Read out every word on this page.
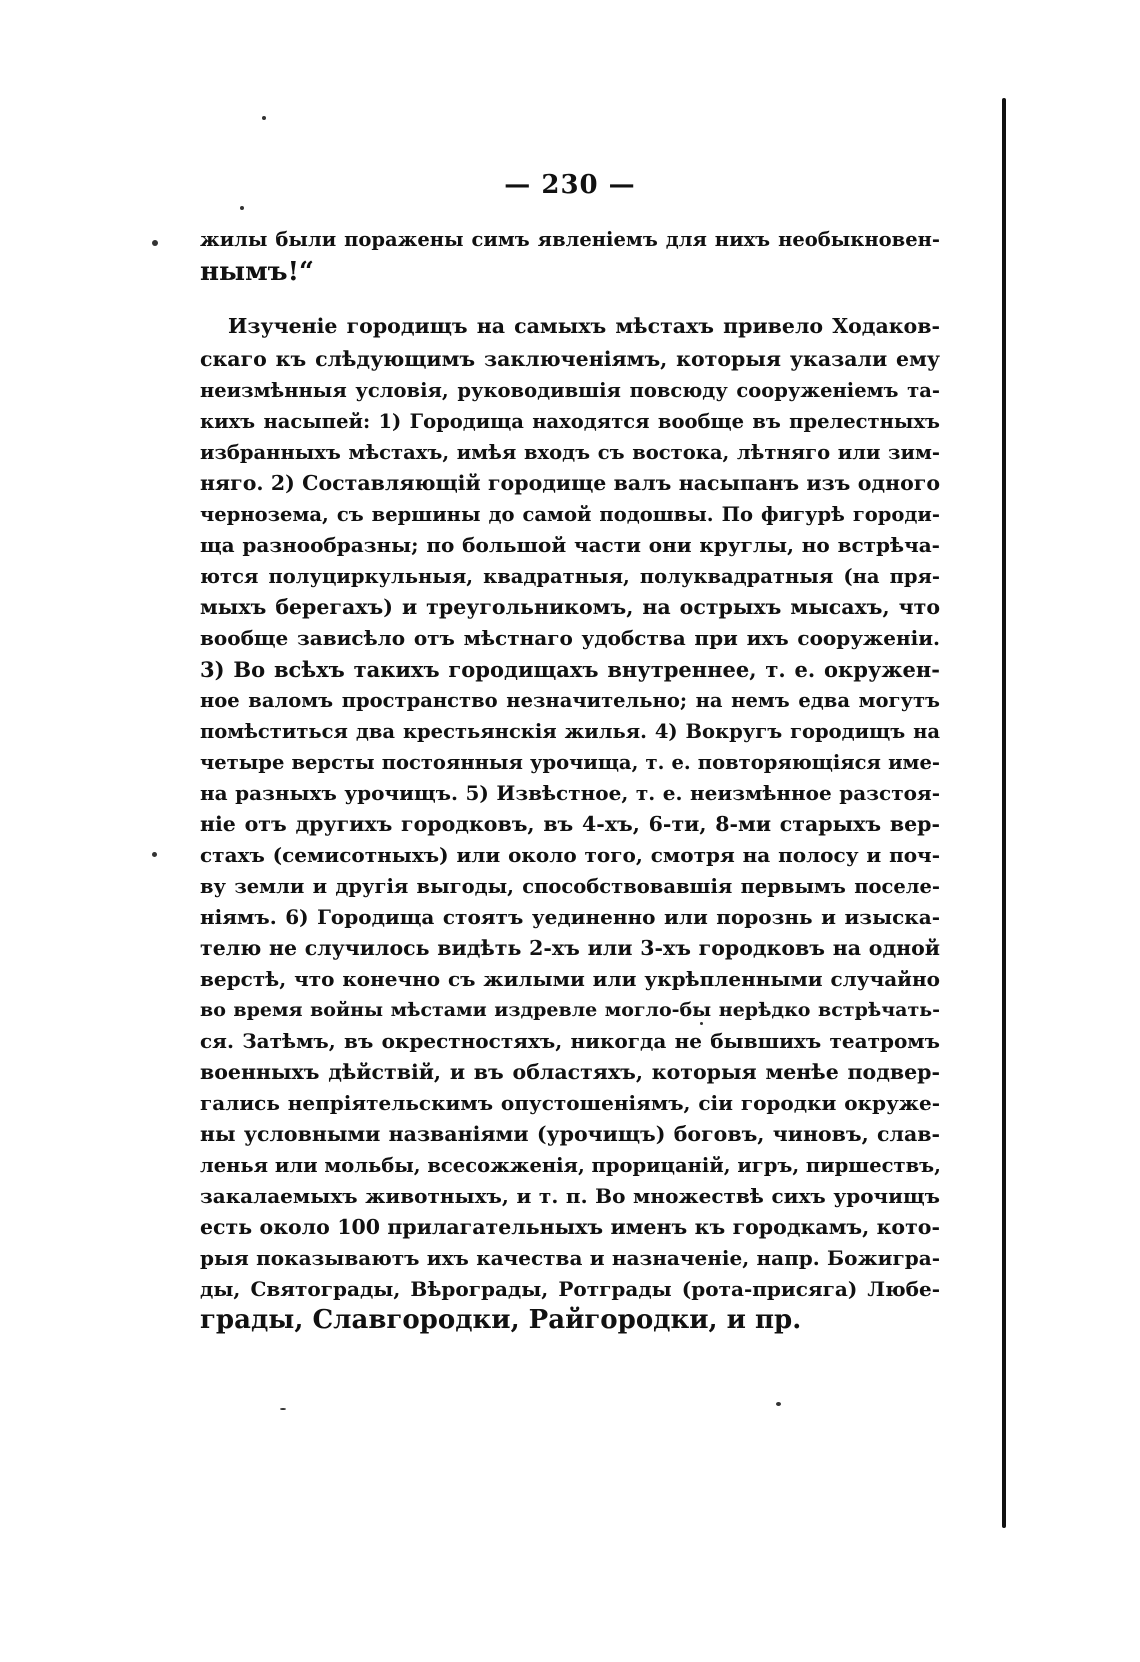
— 230 —
жилы были поражены симъ явленіемъ для нихъ необыкновен-
нымъ!“
Изученіе городищъ на самыхъ мѣстахъ привело Ходаков-
скаго къ слѣдующимъ заключеніямъ, которыя указали ему
неизмѣнныя условія, руководившія повсюду сооруженіемъ та-
кихъ насыпей: 1) Городища находятся вообще въ прелестныхъ
избранныхъ мѣстахъ, имѣя входъ съ востока, лѣтняго или зим-
няго. 2) Составляющій городище валъ насыпанъ изъ одного
чернозема, съ вершины до самой подошвы. По фигурѣ городи-
ща разнообразны; по большой части они круглы, но встрѣча-
ются полуциркульныя, квадратныя, полуквадратныя (на пря-
мыхъ берегахъ) и треугольникомъ, на острыхъ мысахъ, что
вообще зависѣло отъ мѣстнаго удобства при ихъ сооруженіи.
3) Во всѣхъ такихъ городищахъ внутреннее, т. е. окружен-
ное валомъ пространство незначительно; на немъ едва могутъ
помѣститься два крестьянскія жилья. 4) Вокругъ городищъ на
четыре версты постоянныя урочища, т. е. повторяющіяся име-
на разныхъ урочищъ. 5) Извѣстное, т. е. неизмѣнное разстоя-
ніе отъ другихъ городковъ, въ 4-хъ, 6-ти, 8-ми старыхъ вер-
стахъ (семисотныхъ) или около того, смотря на полосу и поч-
ву земли и другія выгоды, способствовавшія первымъ поселе-
ніямъ. 6) Городища стоятъ уединенно или порознь и изыска-
телю не случилось видѣть 2-хъ или 3-хъ городковъ на одной
верстѣ, что конечно съ жилыми или укрѣпленными случайно
во время войны мѣстами издревле могло-бы нерѣдко встрѣчать-
ся. Затѣмъ, въ окрестностяхъ, никогда не бывшихъ театромъ
военныхъ дѣйствій, и въ областяхъ, которыя менѣе подвер-
гались непріятельскимъ опустошеніямъ, сіи городки окруже-
ны условными названіями (урочищъ) боговъ, чиновъ, слав-
ленья или мольбы, всесожженія, прорицаній, игръ, пиршествъ,
закалаемыхъ животныхъ, и т. п. Во множествѣ сихъ урочищъ
есть около 100 прилагательныхъ именъ къ городкамъ, кото-
рыя показываютъ ихъ качества и назначеніе, напр. Божигра-
ды, Святограды, Вѣрограды, Ротграды (рота-присяга) Любе-
грады, Славгородки, Райгородки, и пр.
